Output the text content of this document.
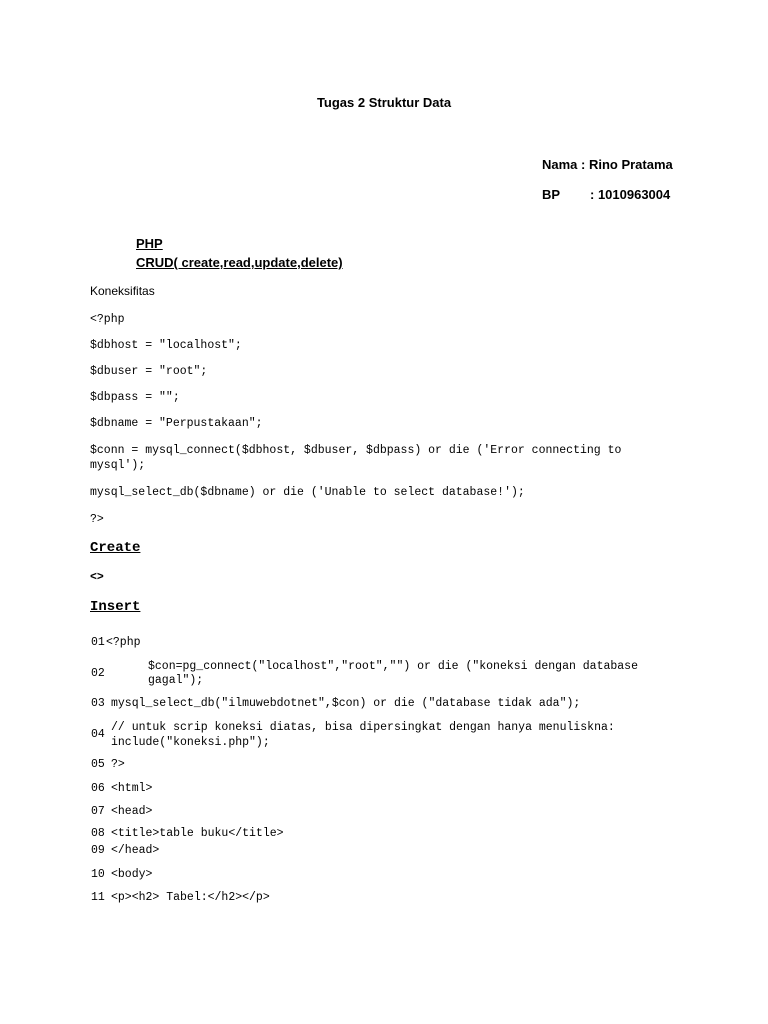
Tugas 2 Struktur Data
Nama : Rino Pratama
BP : 1010963004
PHP
CRUD( create,read,update,delete)
Koneksifitas
<?php
$dbhost = "localhost";
$dbuser = "root";
$dbpass = "";
$dbname = "Perpustakaan";
$conn = mysql_connect($dbhost, $dbuser, $dbpass) or die ('Error connecting to
mysql');
mysql_select_db($dbname) or die ('Unable to select database!');
?>
Create
<>
Insert
01 <?php
02
$con=pg_connect("localhost","root","") or die ("koneksi dengan database
gagal");
03 mysql_select_db("ilmuwebdotnet",$con) or die ("database tidak ada");
04
// untuk scrip koneksi diatas, bisa dipersingkat dengan hanya menuliskna:
include("koneksi.php");
05 ?>
06 <html>
07 <head>
08 <title>table buku</title>
09 </head>
10 <body>
11 <p><h2> Tabel:</h2></p>
